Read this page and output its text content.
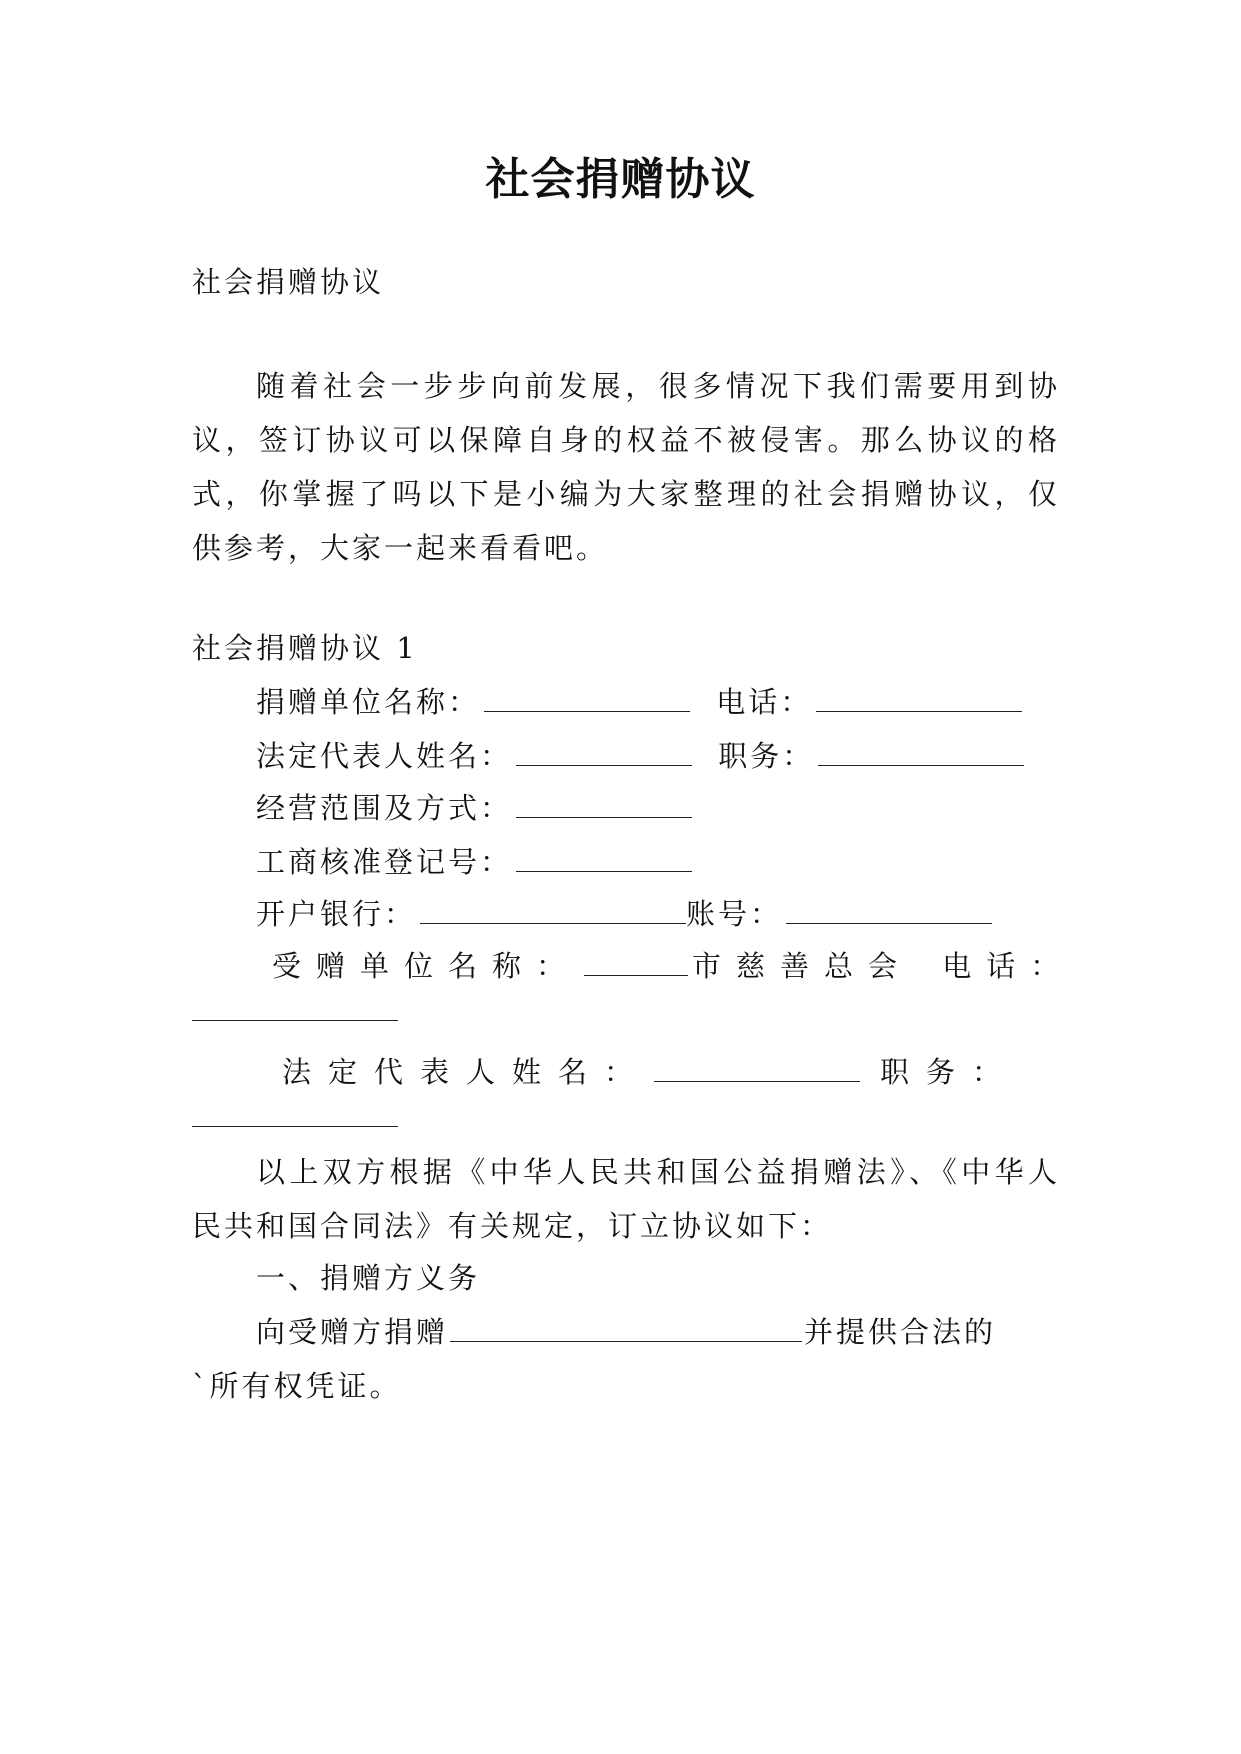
社会捐赠协议
社会捐赠协议
随着社会一步步向前发展，很多情况下我们需要用到协
议，签订协议可以保障自身的权益不被侵害。那么协议的格
式，你掌握了吗以下是小编为大家整理的社会捐赠协议，仅
供参考，大家一起来看看吧。
社会捐赠协议 1
捐赠单位名称：	电话：
法定代表人姓名：	职务：
经营范围及方式：
工商核准登记号：
开户银行：	账号：
受赠单位名称：	市慈善总会 电话：
法定代表人姓名：	职务：
以上双方根据《中华人民共和国公益捐赠法》、《中华人
民共和国合同法》有关规定，订立协议如下：
一、捐赠方义务
向受赠方捐赠	并提供合法的
`所有权凭证。
